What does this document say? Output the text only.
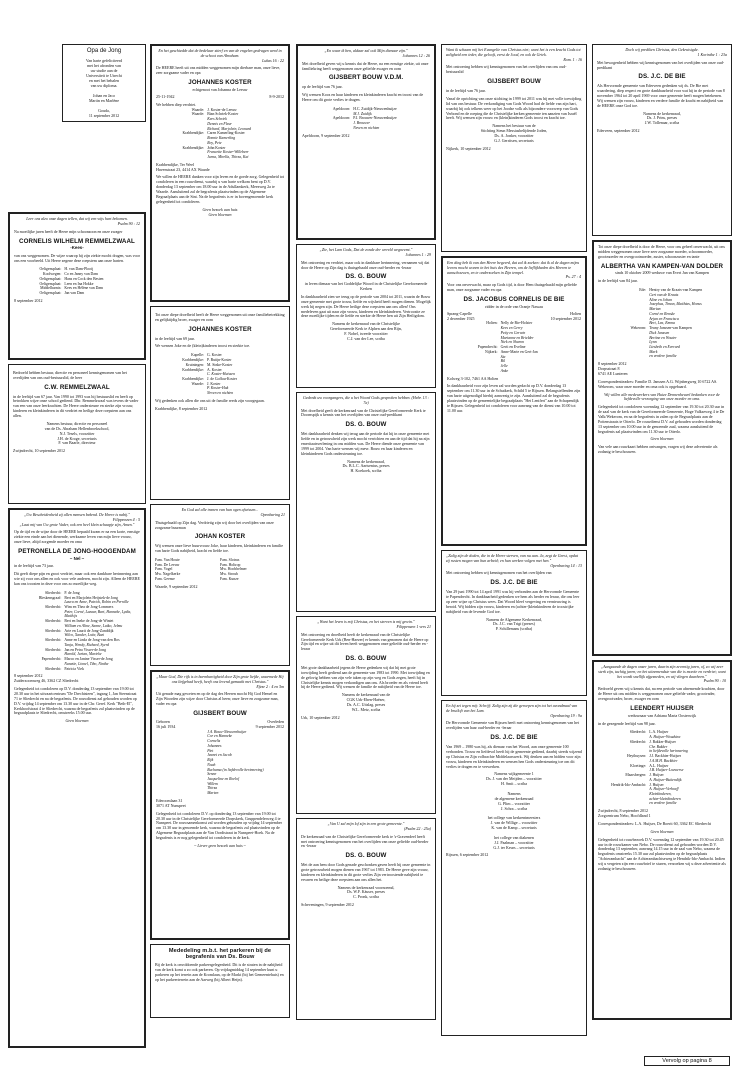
Opa de Jong
Van harte gefeliciteerd
met het afronden van
uw studie aan de
Universiteit te Utrecht
en met het behalen
van uw diploma.

Johan en Jaco
Martin en Marlène

Gouda,
11 september 2012
Leer ons alzo onze dagen tellen, dat wij een wijs hart bekomen.
Psalm 90 : 12
Na moeilijke jaren heeft de Heere mijn schoonzoon en onze zwager
CORNELIS WILHELM REMMELZWAAL
-Kees-
van ons weggenomen. De wijze waarop hij zijn ziekte mocht dragen, was voor ons een voorbeeld. Uit Heere zegene deze roepstem aan onze harten.
Oeltgensplaat: H. van Dam-Plooij
Koolwegen: Co en Janny van Dam
Oeltgensplaat: Hans en Cock den Besten
Oeltgensplaat: Leen en Ina Hokke
Middelharnis: Kees en Hélène van Dam
Oeltgensplaat: Jan van Dam
8 september 2012
Bedroefd hebben bestuur, directie en personeel kennisgenomen van het overlijden van ons oud-bestuurslid, de heer
C.W. REMMELZWAAL
in de leeftijd van 67 jaar. Van 1990 tot 1993 was hij bestuurslid en heeft op betrokken wijze onze school gediend. Dhr. Remmelzwaal was tevens de vader van een van onze leerkrachten. De Heere ondersteune en sterke zijn vrouw, kinderen en kleinkinderen in dit verdriet en heilige deze roepstem aan ons allen.
Namens bestuur, directie en personeel
van de Ds. Abraham Hellenbroekschool,
N.J. Tesels, voorzitter
J.H. de Kroge, secretaris
F. van Baarle, directeur
Zwijndrecht, 10 september 2012
„Uw Bescheidenheid zij allen mensen bekend. De Heere is nabij."
Filippenzen 4 : 5
„Laat mij van Uw grote Vader, ook een heel klein schaapje zijn, Amen."
Op de tijd en de wijze door de HEERE bepaald kwam er na een korte, ernstige ziekte een einde aan het dienende, werkzame leven van mijn lieve vrouw, onze lieve, altijd zorgende moeder en oma
PETRONELLA DE JONG-HOOGENDAM
~ Nel ~
in de leeftijd van 73 jaar.
Dit geeft diepe pijn en groot verdriet, maar ook een dankbare herinnering aan wie zij voor ons allen en ook voor vele anderen, mocht zijn. Alleen de HEERE kan ons troosten in deze voor ons zo moeilijke weg.
Sliedrecht: P. de Jong
Bleskensgraaf: Bert en Marjolein Heijstek-de Jong
Laura en Anne, Patrick, Robin en Pernille
Sliedrecht: Wim en Thea de Jong-Lommers
Peter, Corné, Lazaar, Bart, Hanneke, Lydia, Matthijs
Sliedrecht: Bert en Ineke de Jong-de Wintet
William en Aline, Sanne, Laiko, Jelmu
Sliedrecht: Arie en Laurit de Jong-Zanddijk
Wilco, Xander, Lotte, Bazi
Sliedrecht: Anne en Linda de Jong-van den Bos
Tanja, Wendy, Richard, Syerd
Sliedrecht: Jan en Petra Visser-de Jong
Harold, Jurian, Marieke
Papendrecht: Marco en Janine Visser-de Jong
Nanette, Lionel, Tibo, Ninthe
Sliedrecht: Patricia Viek
8 september 2012
Zuiderzoomweg 46, 3362 CZ Sliedrecht
Gelegenheid tot condoleren op D.V. donderdag 13 september van 19.00 tot 20.30 uur in het uitvaartcentrum "De Drechtsteen", ingang 1, Jan Steenstraat 71 te Sliedrecht en na de begrafenis. De rouwdienst zal gehouden worden op D.V. vrijdag 14 september om 13.30 uur in de Chr. Geref. Kerk "Beth-El", Kerkhoofstraat 4 te Sliedrecht, waarna de begrafenis zal plaatsvinden op de begraafplaats te Sliedrecht, omstreeks 15.00 uur.
Geen bloemen
En het geschiedde dat de bedelaar stierf en van de engelen gedragen werd in de schoot van Abraham.
Lukas 16 : 22
De HEERE heeft uit ons midden weggenomen mijn dierbare man, onze lieve, zeer zorgzame vader en opa
JOHANNES KOSTER
echtgenoot van Johanna de Leeuw
25-11-1942	8-9-2012
We hebben diep verdriet.
Waarde: J. Koster-de Leeuw
Waarde: Bian Schriek-Koster
Kees Schriek
Dennis en Fleur
Richard, Marjolein, Leonard
Krabbendijke: Caren Kamerling-Koster
Ronnie Kamerling
Roy, Pete
Krabbendijke: John Koster
Francette Koster-Willebeer
Jurna, Mirella, Thirza, Kai
Krabbendijke, Ter Weel
Havenstraat 23, 4414 AX Waarde
We willen de HEERE danken voor zijn leven en de goede zorg. Gelegenheid tot condoleren in een rouwdienst, waarbij u van harte welkom bent op D.V. donderdag 13 september om 18.00 uur in de Adullamkerk, Meezweg 2a te Waarde. Aansluitend zal de begrafenis plaatsvinden op de Algemene Begraafplaats aan de Sint. Na de begrafenis is er in bovengenoemde kerk gelegenheid tot condoleren.
Geen bezoek aan huis
Geen bloemen
Tot onze diepe droefheid heeft de Heere weggenomen uit onze familiebetrekking en gelijktijdig broer, zwager en oom
JOHANNES KOSTER
in de leeftijd van 69 jaar.
We wensen Joke en de (klein)kinderen troost en sterkte toe.
Kapelle: G. Koster
Krabbendijke: P. Butijn-Koster
Kruiningen: M. Sinke-Koster
Krabbendijke: A. Koster
C. Koster-Huissen
Krabbendijke: J. de Goffau-Koster
Waarde: J. Koster
P. Koster-Hak
Neven en nichten
Wij gedenken ook allen die ons uit de familie reeds zijn voorgegaan.
Krabbendijke, 8 september 2012
En God zal alle tranen van hun ogen afwissen...
Openbaring 21
Thuisgehaald op Zijn dag. Verdrietig zijn wij door het overlijden van onze zorgzame buurman
JOHAN KOSTER
Wij wensen onze lieve buurvrouw Joke, haar kinderen, kleinkinderen en familie van harte Gods nabijheid, kracht en liefde toe.
Fam. Van Houte	Fam. Slotrus
Fam. De Leeuw	Fam. Holtrop
Fam. Vogel	Mw. Hoobbelmer
Mw. Nagelkerke	Mw. Stroub
Fam. Geense	Fam. Kunze
Waarde, 9 september 2012
„Maar God, Die rijk is in barmhartigheid door Zijn grote liefde, waarmede Hij ons liefgehad heeft, heeft ons levend gemaakt met Christus."
Efeze 2 : 4 en 5m
Uit genade mag geweten en op de dag des Heeren mocht Hij God Hemel en Zijn Woorden zijn wijze door Christus al heen; onze lieve en zorgzame man, vader en opa
GIJSBERT BOUW
Geboren
16 juli 1934
Overleden
9 september 2012
J.A. Bouw-Nieuwenhuijze
Cor en Hanneke
Cornelis
Johannes
Piet
Jeanet en Jacob
Rijk
Noah
Ruchama (in liefdevolle herinnering)
Senne
Jacqueline en Roelof
Willem
Thirza
Marten
Ederoomlaan 31
3071 AT Nunspeet
Gelegenheid tot condoleren D.V. op donderdag 13 september van 19.00 tot 20.30 uur in de Christelijke Gereformeerde Dorpskerk, Gruppendelerweg 4 te Nunspeet. De rouwsamenkomst zal worden gehouden op vrijdag 14 september om 13.30 uur in genoemde kerk, waarna de begrafenis zal plaatsvinden op de Algemene Begraafplaats aan de Van Oordtstraat in Nunspeet-Hoek. Na de begrafenis is er nog gelegenheid tot condoleren in de kerk.
~ Liever geen bezoek aan huis ~
Mededeling m.b.t. het parkeren bij de begrafenis van Ds. Bouw
Bij de kerk is onvoldoende parkeergelegenheid. Dit is de straten in de nabijheid van de kerk komt u zo ook parkeren. Op vrijdagmiddag 14 september kunt u parkeren op het terrein aan de Kromlaan, op de Markt (bij het Gemeentehuis) en op het parkeerterrein aan de Aarweg (bij Albert Heijn).
„En waar ik ben, aldaar zal ook Mijn dienaar zijn."
Johannes 12 : 26
Met droefheid geven wij u kennis dat de Heere, na een ernstige ziekte, uit onze familiekring heeft weggenomen onze geliefde zwager en oom
GIJSBERT BOUW V.D.M.
op de leeftijd van 76 jaar.
Wij wensen Koos en haar kinderen en kleinkinderen kracht en troost van de Heere om dit grote verlies te dragen.
Apeldoorn: H.C. Zuidijk-Nieuwenhuijze
M.J. Zuidijk
Apeldoorn: P.J. Brouwer-Nieuwenhuijze
J. Brouwer
Neven en nichten
Apeldoorn, 9 september 2012
„Zie, het Lam Gods, Dat de zonde der wereld wegneemt."
Johannes 1 : 29
Met ontroering en verdriet, maar ook in dankbare herinnering, vernamen wij dat door de Heere op Zijn dag is thuisgehaald onze oud-herder en -leraar
DS. G. BOUW
in leven dienaar van het Goddelijke Woord in de Christelijke Gereformeerde Kerken
In dankbaarheid zien we terug op de periode van 2004 tot 2011, waarin de Bouw onze gemeente met grote trouw, liefde en wijsheid heeft mogen dienen. Mogelijk werk hij negen zijn. De Heere heilige deze roepstem aan ons allen! Ons medeleven gaat uit naar zijn vrouw, kinderen en kleinkinderen. Vertroostte ze deze moeilijke tijden en de liefde en sterkte de Heere hen uit Zijn Heiligdom.
Namens de kerkenraad van de Christelijke
Gereformeerde Kerk te Alphen aan den Rijn,
F. Nobel, tweede voorzitter
C.J. van der Lee, scriba
Gedenkt uw voorgangers, die u het Woord Gods gesproken hebben. (Hebr. 13 : 7a)
Met droefheid geeft de kerkenraad van de Christelijke Gereformeerde Kerk te Doornspijk u kennis van het overlijden van onze oud-predikant
DS. G. BOUW
Met dankbaarheid denken wij terug aan de periode dat hij in onze gemeente met liefde en in getrouwheid zijn werk mocht verrichten en aan de tijd dat hij na zijn emeritaatsverlening in ons midden was. De Heere diende onze gemeente van 1999 tot 2004. Van harte wensen wij mevr. Bouw en haar kinderen en kleinkinderen Gods ondersteuning toe.
Namens de kerkenraad,
Ds. B.L.C. Aartsenius, preses
H. Koekoek, scriba
„Want het leven is mij Christus, en het sterven is mij gewin."
Filippenzen 1 vers 21
Met ontroering en droefheid heeft de kerkenraad van de Christelijke Gereformeerde Kerk Urk (Ben-Haezer) er kennis van genomen dat de Heere op Zijn tijd en wijze uit dit leven heeft weggenomen onze geliefde oud-herder en -leraar
DS. G. BOUW
Met grote dankbaarheid jegens de Heere gedenken wij dat hij met grote toewijding heeft gediend aan de gemeente van 1983 tot 1990. Met toewijding en de gelovig hebben van zijn vele taken op zijn weg en Gods zegen, heeft hij in Christelijke kennis mogen verkondigen aan ons. Als broeder en als vriend heeft hij de Heere gediend. Wij wensen de familie de nabijheid van de Heere toe.
Namens de kerkenraad van de
CGK Urk-Eben-Haëzer,
Ds. A.C. Uitslag, preses
W.L. Metz, scriba
Urk, 10 september 2012
„Van U zal mijn lof zijn in een grote gemeente."
(Psalm 22 : 25a)
De kerkenraad van de Christelijke Gereformeerde kerk te 's-Gravendeel heeft met ontroering kennisgenomen van het overlijden van onze geliefde oud-herder en -leraar
DS. G. BOUW
Met de aan hem door Gods genade geschonken gaven heeft hij onze gemeente in grote getrouwheid mogen dienen van 1967 tot 1983. De Heere geve zijn vrouw, kinderen en kleinkinderen in dit grote verlies Zijn vertroostende nabijheid te ervaren en heilige deze roepstem aan ons allen het.
Namens de kerkenraad voornoemd,
Ds. W.F. Käuser, preses
C. Pronk, scriba
Scheveningen, 9 september 2012
Want ik schaam mij het Evangelie van Christus niet; want het is een kracht Gods tot zaligheid een ieder, die gelooft, eerst de Jood, en ook de Griek.
Rom. 1 : 16
Met ontroering hebben wij kennisgenomen van het overlijden van ons oud-bestuurslid
GIJSBERT BOUW
in de leeftijd van 76 jaar.
Vanaf de oprichting van onze stichting in 1999 tot 2011 was hij met volle toewijding lid van ons bestuur. De verkondiging van Gods Woord had de liefde van zijn hart, waarbij hij ook telkens weer op het Joodse volk als bijzondere voorwerp van Gods Verbond en de roeping die de Christelijke kerken gemeente ten aanzien van Israël heeft. Wij wensen zijn vrouw en (klein)kinderen Gods troost en kracht toe.
Namens het bestuur van de
Stichting Steun Messiasbelijdende Joden,
Ds. A. Jonker, voorzitter
G.J. Gerritsen, secretaris
Nijkerk, 10 september 2012
Een ding heb ik van den Heere begeerd, dat zal ik zoeken: dat ik al de dagen mijns levens mocht wonen in het huis des Heeren, om de lieflijkheden des Heeren te aanschouwen, en te onderzoeken in Zijn tempel.
Ps. 27 : 4
Voor ons onverwacht, maar op Gods tijd, is door Hem thuisgehaald mijn geliefde man, onze zorgzame vader en opa
DS. JACOBUS CORNELIS DE BIE
ridder in de orde van Oranje Nassau
Sprang-Capelle
2 december 1925
Holten
10 september 2012
Holten: Nelly de Bie-Holster
Kees en Gerry
Petty en Gerwin
Marianne en Brielder
Niek en Sharon
Papendrecht: Gerti en Eveline
Nijkerk: Anne-Marie en Gert-Jan
Sia
Bil
Jelle
Anke
Kolweg 3-102, 7461 AA Holten
In dankbaarheid voor zijn leven zal worden gedacht op D.V. donderdag 13 september om 11.30 uur in de Schutkerk, Schild 5 te Rijssen. Belangstellenden zijn van harte uitgenodigd hierbij aanwezig te zijn. Aansluitend zal de begrafenis plaatsvinden op de gemeentelijke begraafplaats "Het Lentfert" aan de Schapendijk te Rijssen. Gelegenheid tot condoleren voor aanvang van de dienst van 10.00 tot 11.00 uur.
„Zalig zijn de doden, die in de Heere sterven, van nu aan. Ja, zegt de Geest, opdat zij rusten mogen van hun arbeid; en hun werken volgen met hen."
Openbaring 14 : 13
Met ontroering hebben wij kennisgenomen van het overlijden van
DS. J.C. DE BIE
Van 29 juni 1990 tot 14 april 1991 was hij verbonden aan de Hervormde Gemeente te Papendrecht. In dankbaarheid gedenken we hem als herder en leraar, die ons leer op zeer wijze op Christus wees. Dat Woord bleef vergeving en vernieuwing is beroid. Wij bidden zijn vrouw, kinderen en (achter-)kleinkinderen de troostrijke nabijheid van de levende God toe.
Namens de Algemene Kerkenraad,
Ds. J.C. van Trigt (preses)
P. Schillemans (scriba)
En hij zei tegen mij: Schrijf: Zalig zijn zij die geroepen zijn tot het avondmaal van de bruiloft van het Lam.
Openbaring 19 : 9a
De Hervormde Gemeente van Rijssen heeft met ontroering kennisgenomen van het overlijden van haar oud-herder en -leraar
DS. J.C. DE BIE
Van 1969 – 1980 was hij, als dienaar van het Woord, aan onze gemeente 100 verbonden. Trouw en liefdevol heeft hij de gemeente gediend, daarbij steeds wijzend op Christus en Zijn volbrachte Middelaarswerk. Wij denken aan en bidden voor zijn vrouw, kinderen en kleinkinderen en wensen hen Gods ondersteuning toe om dit verlies te dragen en te verwerken.
Namens wijkgemeente 1
Ds. J. van der Meijden – voorzitter
H. Smit – scriba

Namens
de algemene kerkenraad
G. Plim – voorzitter
J. Schra – scriba

het college van kerkrentmeesters
J. van de Willige – voorzitter
K. van de Kamp – secretaris

het college van diakenen
J.J. Paalman – voorzitter
G.J. ter Keurs – secretaris
Rijssen, 6 september 2012
Doch wij prediken Christus, den Gekruisigde.
1 Korinthe 1 : 23a
Met bewogenheid hebben wij kennisgenomen van het overlijden van onze oud-predikant
DS. J.C. DE BIE
Als Hervormde gemeente van Ederveen gedenken wij ds. De Bie met waardering, diep respect en grote dankbaarheid voor wat hij in de periode van 8 november 1964 tot 20 april 1969 voor onze gemeente heeft mogen betekenen. Wij wensen zijn vrouw, kinderen en verdere familie de kracht en nabijheid van de HEERE onze God toe.
Namens de kerkenraad,
Ds. J. Prins, preses
J.W. Tollenaar, scriba
Ederveen, september 2012
Tot onze diepe droefheid is door de Heere, voor ons geheel onverwacht, uit ons midden weggenomen onze lieve zeer zorgzame moeder, schoonmoeder, grootmoeder en overgrootmoeder, zuster, schoonzuster en tante
ALBERTHA VAN KAMPEN-VAN DOLDER
sinds 10 oktober 2009 weduwe van Evert Jan van Kampen
in de leeftijd van 84 jaar.
Ede: Hentry van de Kraats-van Kampen
Gert van de Kraats
Aline en Johan
Josephus, Timon, Matthias, Honus
Marian
Corné en Renske
Arjan en Francisca
Bert, Lea, Emma
Wekerom: Teuny Janssen-van Kampen
Dick Janssen
Bertine en Wouter
Lynn
Liesbeth en Everard
Mark
en verdere familie
8 september 2012
Dorpsstraat 8
6741 AE Lunteren
Correspondentieadres: Familie D. Janssen A.G. Wijnbergweg 10 6722 AS. Wekerom, waar onze moeder en oma ook is opgebaard.
Wij willen alle medewerkers van Huize Dennenheuvel bedanken voor de liefdevolle verzorging van onze moeder en oma.
Gelegenheid tot condoleren woensdag 12 september van 19.30 tot 20.30 uur in de zaal van de kerk van de Gereformeerde Gemeente, Hoge Valkseweg 4 te De Valk/Wekerom, en na de begrafenis in zalen op de Begraafplaats aan de Pottenstraats te Otterlo. De rouwdienst D.V. zal gehouden worden donderdag 13 september om 10.00 uur in de genoemde zaal, waarna aansluitend de begrafenis zal plaatsvinden om 11.30 uur te Otterlo.
Geen bloemen
Van vele aan rouwkaart hebben ontvangen, vragen wij deze advertentie als zodanig te beschouwen.
„Aangaande de dagen onzer jaren, daarin zijn zeventig jaren, of, zo wij zeer sterk zijn, tachtig jaren; en het uitnemendste van die is moeite en verdriet; want het wordt snellijk afgesneden, en wij vliegen daarheen."
Psalm 90 : 10
Bedroefd geven wij u kennis dat, na een periode van afnemende krachten, door de Heere uit ons midden is weggenomen onze geliefde vader, grootvader, overgrootvader, broer, zwager en oom
LEENDERT HUIJSER
weduwnaar van Adriana Maria Oosterwijk
in de gezegende leeftijd van 98 jaar.
Sliedrecht: L.A. Huijser
A. Huijser-Woudstra
Sliedrecht: J. Bakker-Huijser
Chr. Bakker
in liefdevolle herinnering
Heythuysen: J.J. Backhier-Huijser
J.A.M.H. Backhier
Kloetinge: A.L. Huijser
J.B. Huijser-Louwerse
Maarsbergen: J. Huijser
A. Huijser-Buitendijk
Hendrik-Ido-Ambacht: J. Huijser
A. Huijser-Verhoeff
Kleinkinderen,
achter-kleinkinderen
en verdere familie
Zwijndrecht, 8 september 2012
Zorgcentrum Nebo, Hoofdland 1
Correspondentieadres: L.A. Huijser, De Boerit 60, 3362 EC Sliedrecht
Geen bloemen
Gelegenheid tot rouwbezoek D.V. woensdag 12 september van 19.30 tot 20.45 uur in de rouwkamer van Nebo. De rouwdienst zal gehouden worden D.V. donderdag 13 september, aanvang 14.15 uur in de zaal van Nebo, waarna de begrafenis omstreeks 15.30 uur zal plaatsvinden op de begraafplaats "Achterambacht" aan de Achterambachtseweg te Hendrik-Ido-Ambacht. Indien wij u vergeten zijn een rouwbrief te sturen, verzoeken wij u deze advertentie als zodanig te beschouwen.
Vervolg op pagina 8
